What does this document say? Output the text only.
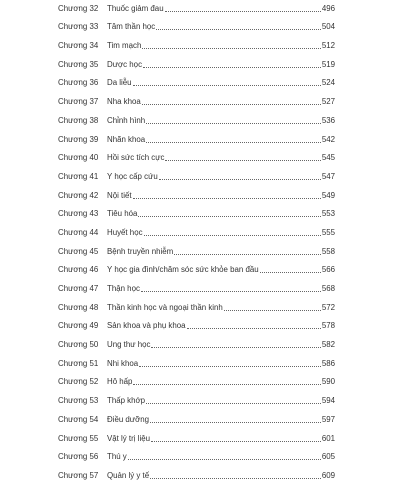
Chương 32	Thuốc giảm đau	496
Chương 33	Tâm thần học	504
Chương 34	Tim mạch	512
Chương 35	Dược học	519
Chương 36	Da liễu	524
Chương 37	Nha khoa	527
Chương 38	Chỉnh hình	536
Chương 39	Nhãn khoa	542
Chương 40	Hồi sức tích cực	545
Chương 41	Y học cấp cứu	547
Chương 42	Nội tiết	549
Chương 43	Tiêu hóa	553
Chương 44	Huyết học	555
Chương 45	Bệnh truyền nhiễm	558
Chương 46	Y học gia đình/chăm sóc sức khỏe ban đầu	566
Chương 47	Thận học	568
Chương 48	Thần kinh học và ngoại thần kinh	572
Chương 49	Sản khoa và phụ khoa	578
Chương 50	Ung thư học	582
Chương 51	Nhi khoa	586
Chương 52	Hô hấp	590
Chương 53	Thấp khớp	594
Chương 54	Điều dưỡng	597
Chương 55	Vật lý trị liệu	601
Chương 56	Thú y	605
Chương 57	Quản lý y tế	609
